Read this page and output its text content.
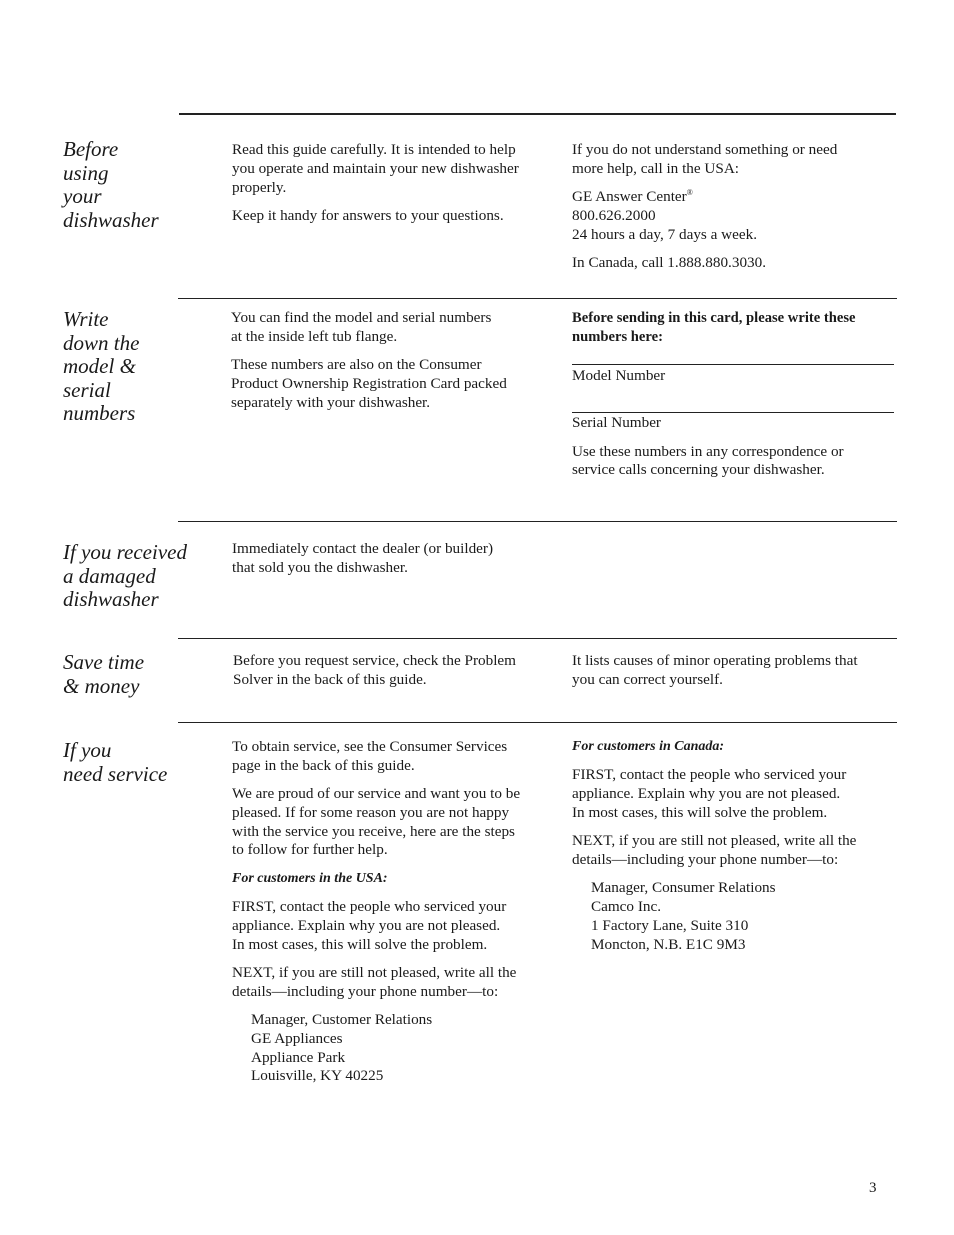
Before
using
your
dishwasher

Read this guide carefully. It is intended to help
you operate and maintain your new dishwasher
properly.

Keep it handy for answers to your questions.

If you do not understand something or need
more help, call in the USA:

GE Answer Center®
800.626.2000
24 hours a day, 7 days a week.

In Canada, call 1.888.880.3030.

Write
down the
model &
serial
numbers

You can find the model and serial numbers
at the inside left tub flange.

These numbers are also on the Consumer
Product Ownership Registration Card packed
separately with your dishwasher.

Before sending in this card, please write these
numbers here:

Model Number

Serial Number

Use these numbers in any correspondence or
service calls concerning your dishwasher.

If you received
a damaged
dishwasher

Immediately contact the dealer (or builder)
that sold you the dishwasher.

Save time
& money

Before you request service, check the Problem
Solver in the back of this guide.

It lists causes of minor operating problems that
you can correct yourself.

If you
need service

To obtain service, see the Consumer Services
page in the back of this guide.

We are proud of our service and want you to be
pleased. If for some reason you are not happy
with the service you receive, here are the steps
to follow for further help.

For customers in the USA:

FIRST, contact the people who serviced your
appliance. Explain why you are not pleased.
In most cases, this will solve the problem.

NEXT, if you are still not pleased, write all the
details—including your phone number—to:

Manager, Customer Relations
GE Appliances
Appliance Park
Louisville, KY 40225

For customers in Canada:

FIRST, contact the people who serviced your
appliance. Explain why you are not pleased.
In most cases, this will solve the problem.

NEXT, if you are still not pleased, write all the
details—including your phone number—to:

Manager, Consumer Relations
Camco Inc.
1 Factory Lane, Suite 310
Moncton, N.B. E1C 9M3

3
